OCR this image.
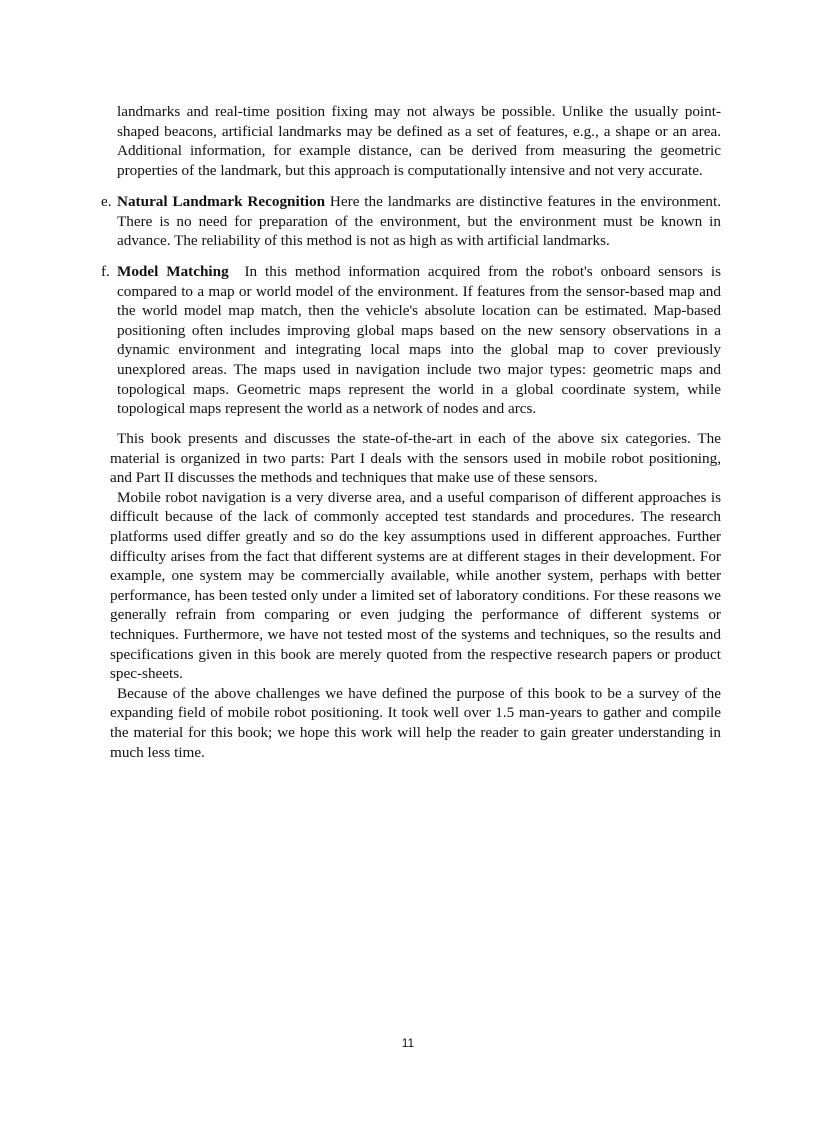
landmarks and real-time position fixing may not always be possible. Unlike the usually point-shaped beacons, artificial landmarks may be defined as a set of features, e.g., a shape or an area. Additional information, for example distance, can be derived from measuring the geometric properties of the landmark, but this approach is computationally intensive and not very accurate.

e. Natural Landmark Recognition Here the landmarks are distinctive features in the environment. There is no need for preparation of the environment, but the environment must be known in advance. The reliability of this method is not as high as with artificial landmarks.

f. Model Matching In this method information acquired from the robot's onboard sensors is compared to a map or world model of the environment. If features from the sensor-based map and the world model map match, then the vehicle's absolute location can be estimated. Map-based positioning often includes improving global maps based on the new sensory observations in a dynamic environment and integrating local maps into the global map to cover previously unexplored areas. The maps used in navigation include two major types: geometric maps and topological maps. Geometric maps represent the world in a global coordinate system, while topological maps represent the world as a network of nodes and arcs.

This book presents and discusses the state-of-the-art in each of the above six categories. The material is organized in two parts: Part I deals with the sensors used in mobile robot positioning, and Part II discusses the methods and techniques that make use of these sensors.

Mobile robot navigation is a very diverse area, and a useful comparison of different approaches is difficult because of the lack of commonly accepted test standards and procedures. The research platforms used differ greatly and so do the key assumptions used in different approaches. Further difficulty arises from the fact that different systems are at different stages in their development. For example, one system may be commercially available, while another system, perhaps with better performance, has been tested only under a limited set of laboratory conditions. For these reasons we generally refrain from comparing or even judging the performance of different systems or techniques. Furthermore, we have not tested most of the systems and techniques, so the results and specifications given in this book are merely quoted from the respective research papers or product spec-sheets.

Because of the above challenges we have defined the purpose of this book to be a survey of the expanding field of mobile robot positioning. It took well over 1.5 man-years to gather and compile the material for this book; we hope this work will help the reader to gain greater understanding in much less time.

11
